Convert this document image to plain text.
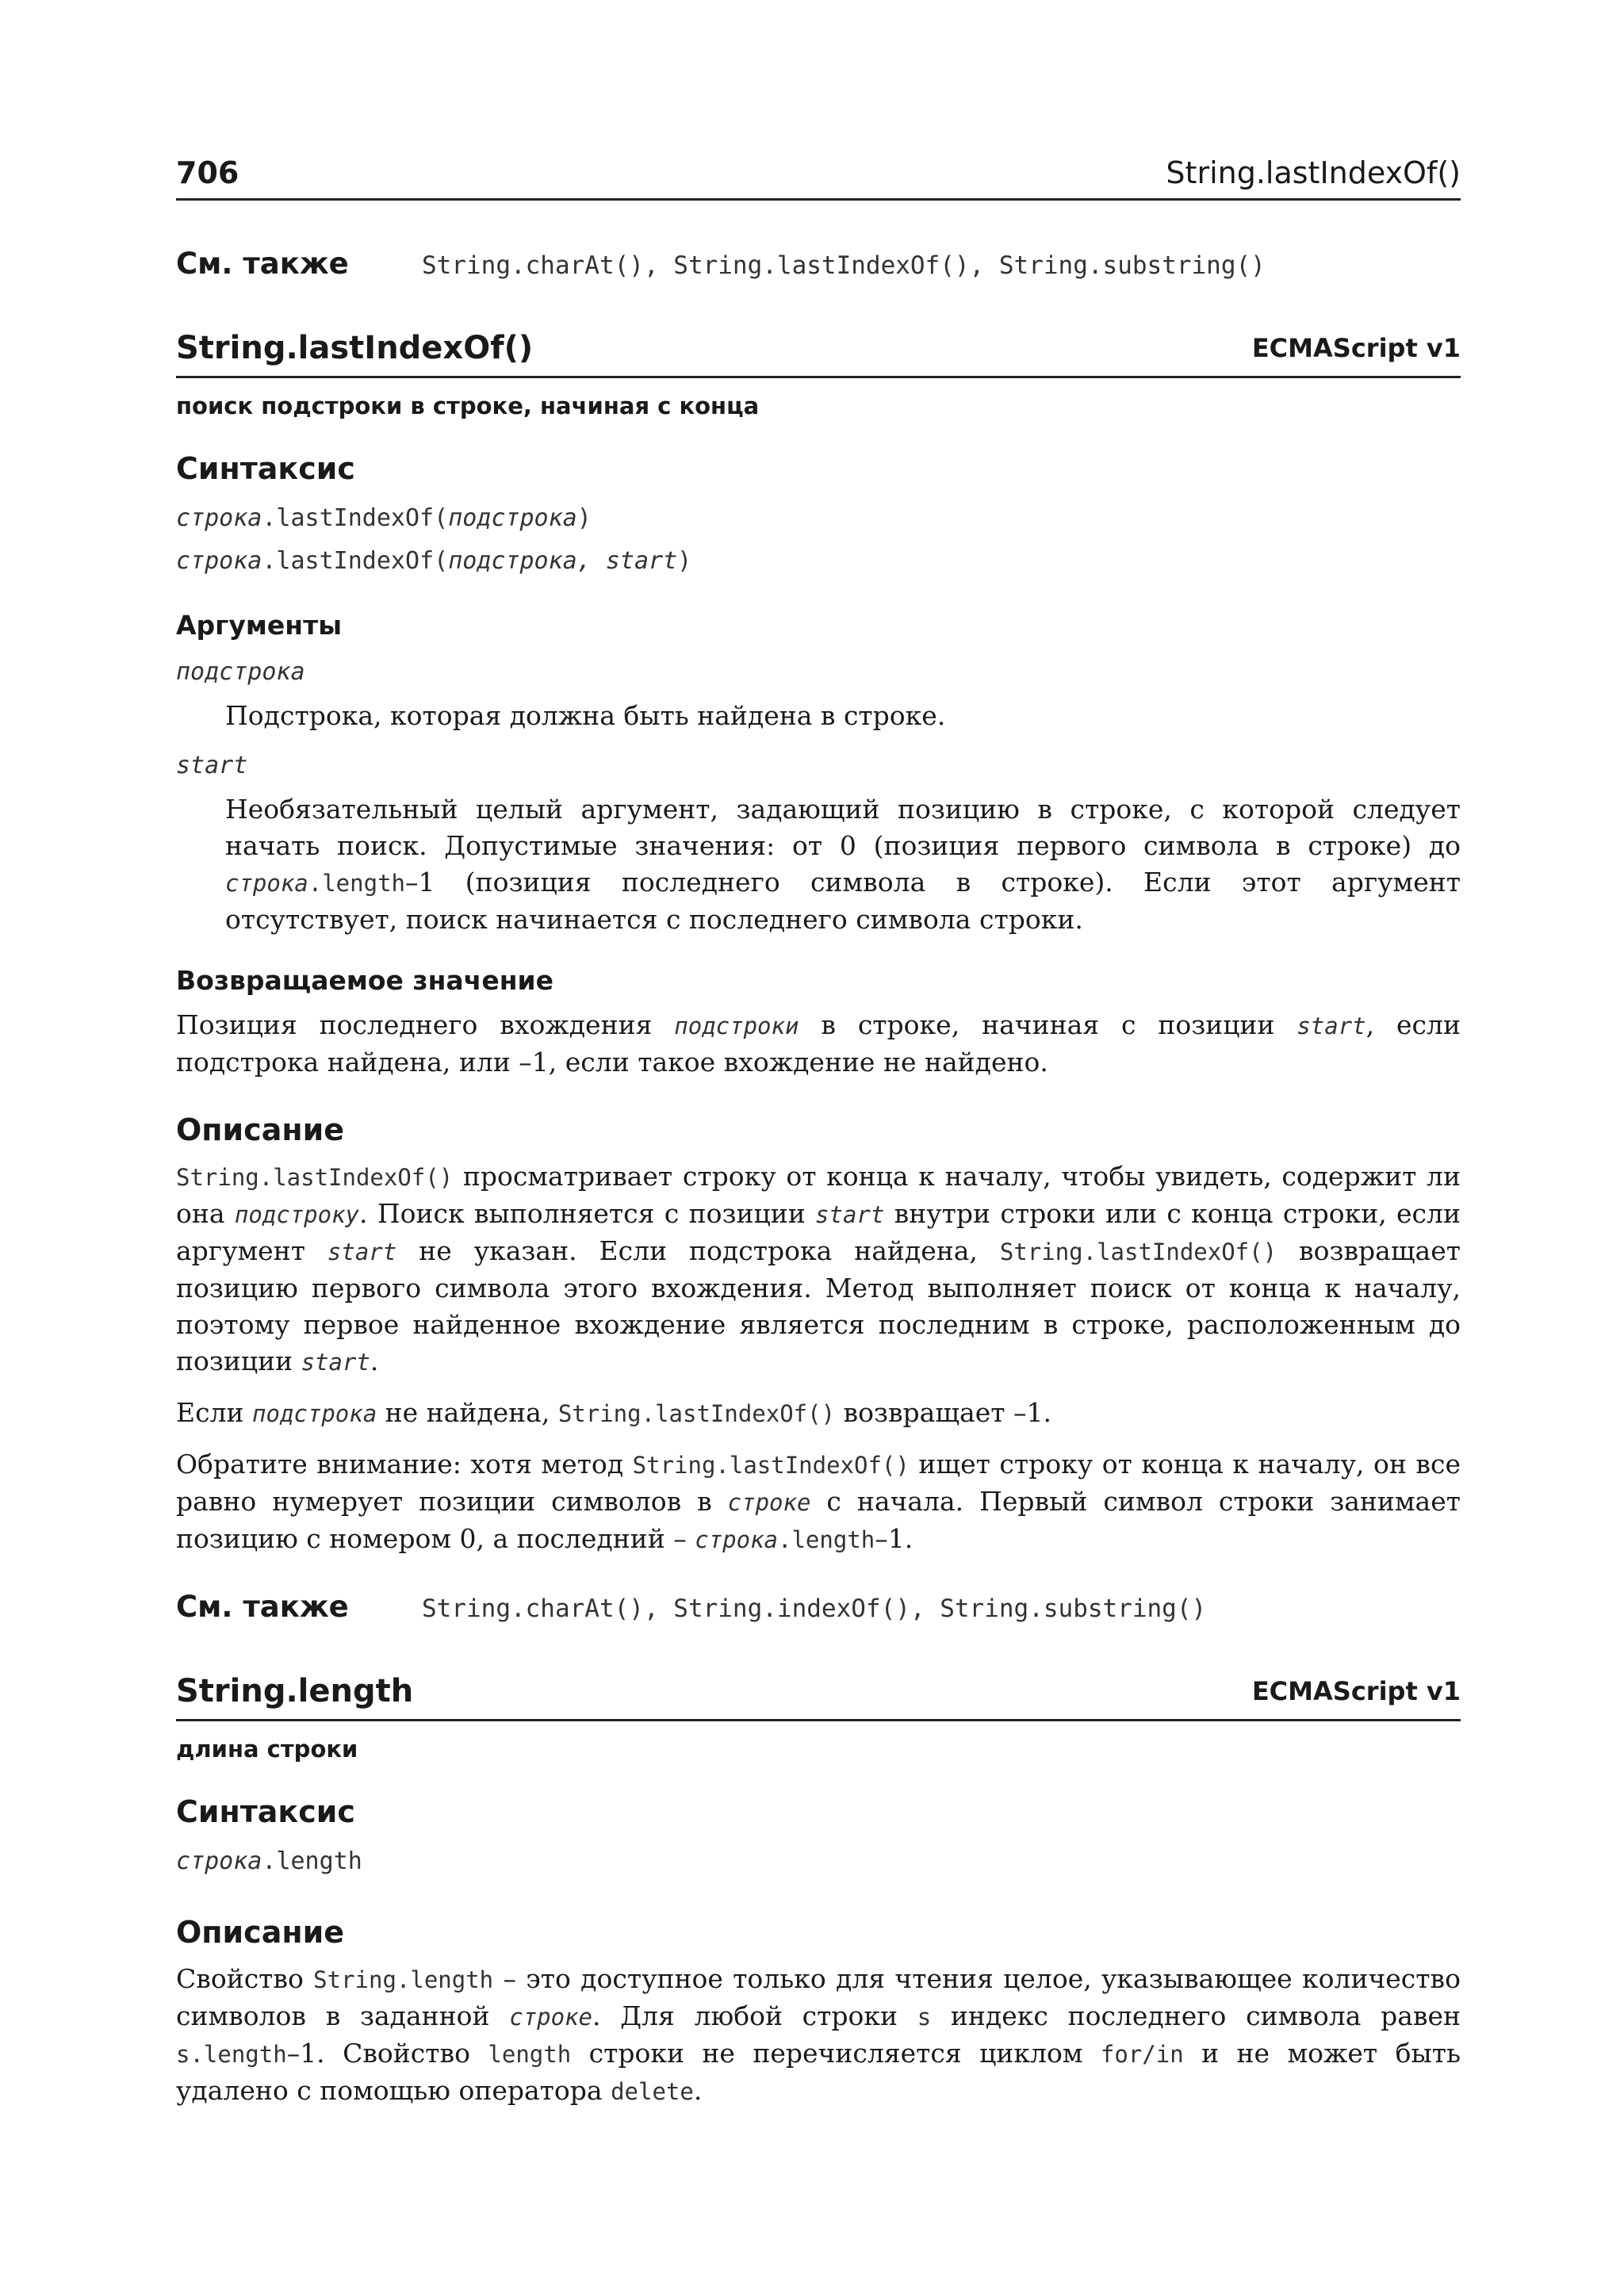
706	String.lastIndexOf()
См. также	String.charAt(), String.lastIndexOf(), String.substring()
String.lastIndexOf()	ECMAScript v1
поиск подстроки в строке, начиная с конца
Синтаксис
строка.lastIndexOf(подстрока)
строка.lastIndexOf(подстрока, start)
Аргументы
подстрока
Подстрока, которая должна быть найдена в строке.
start
Необязательный целый аргумент, задающий позицию в строке, с которой следует начать поиск. Допустимые значения: от 0 (позиция первого символа в строке) до строка.length–1 (позиция последнего символа в строке). Если этот аргумент отсутствует, поиск начинается с последнего символа строки.
Возвращаемое значение

Позиция последнего вхождения подстроки в строке, начиная с позиции start, если подстрока найдена, или –1, если такое вхождение не найдено.

Описание

String.lastIndexOf() просматривает строку от конца к началу, чтобы увидеть, содержит ли она подстроку. Поиск выполняется с позиции start внутри строки или с конца строки, если аргумент start не указан. Если подстрока найдена, String.lastIndexOf() возвращает позицию первого символа этого вхождения. Метод выполняет поиск от конца к началу, поэтому первое найденное вхождение является последним в строке, расположенным до позиции start.

Если подстрока не найдена, String.lastIndexOf() возвращает –1.

Обратите внимание: хотя метод String.lastIndexOf() ищет строку от конца к началу, он все равно нумерует позиции символов в строке с начала. Первый символ строки занимает позицию с номером 0, а последний – строка.length–1.

См. также	String.charAt(), String.indexOf(), String.substring()
String.length	ECMAScript v1
длина строки
Синтаксис
строка.length
Описание

Свойство String.length – это доступное только для чтения целое, указывающее количество символов в заданной строке. Для любой строки s индекс последнего символа равен s.length–1. Свойство length строки не перечисляется циклом for/in и не может быть удалено с помощью оператора delete.
